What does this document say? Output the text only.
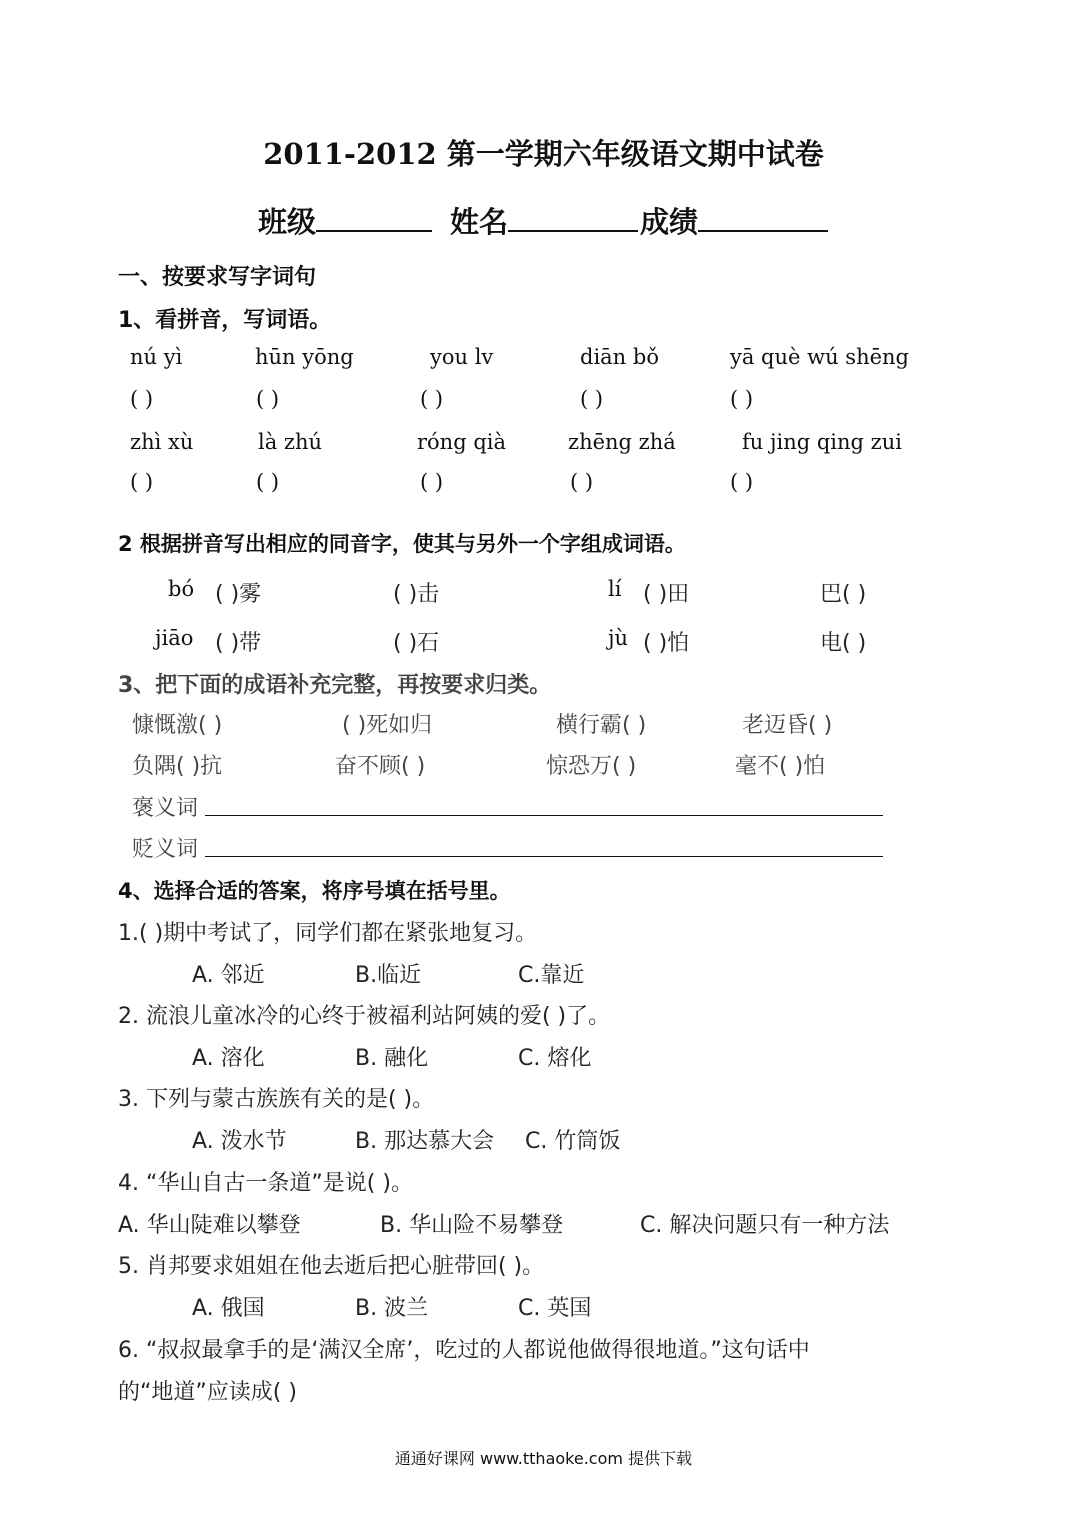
2011-2012 第一学期六年级语文期中试卷
班级	姓名	成绩
一、按要求写字词句
1、看拼音，写词语。
nú yì	hūn yōng	you lv	diān bǒ	yā què wú shēng
( )	( )	( )	( )	( )
zhì xù	là zhú	róng qià	zhēng zhá	fu jing qing zui
( )	( )	( )	( )	( )
2 根据拼音写出相应的同音字，使其与另外一个字组成词语。
bó ( )雾	( )击	lí ( )田	巴( )
jiāo ( )带	( )石	jù ( )怕	电( )
3、把下面的成语补充完整，再按要求归类。
慷慨激( )	( )死如归	横行霸( )	老迈昏( )
负隅( )抗	奋不顾( )	惊恐万( )	毫不( )怕
褒义词
贬义词
4、选择合适的答案，将序号填在括号里。
1.( )期中考试了，同学们都在紧张地复习。
A. 邻近	B.临近	C.靠近
2. 流浪儿童冰冷的心终于被福利站阿姨的爱( )了。
A. 溶化	B. 融化	C. 熔化
3. 下列与蒙古族族有关的是( )。
A. 泼水节	B. 那达慕大会 C. 竹筒饭
4. “华山自古一条道”是说( )。
A. 华山陡难以攀登	B. 华山险不易攀登	C. 解决问题只有一种方法
5. 肖邦要求姐姐在他去逝后把心脏带回( )。
A. 俄国	B. 波兰	C. 英国
6. “叔叔最拿手的是‘满汉全席’，吃过的人都说他做得很地道。”这句话中
的“地道”应读成( )
通通好课网 www.tthaoke.com 提供下载
